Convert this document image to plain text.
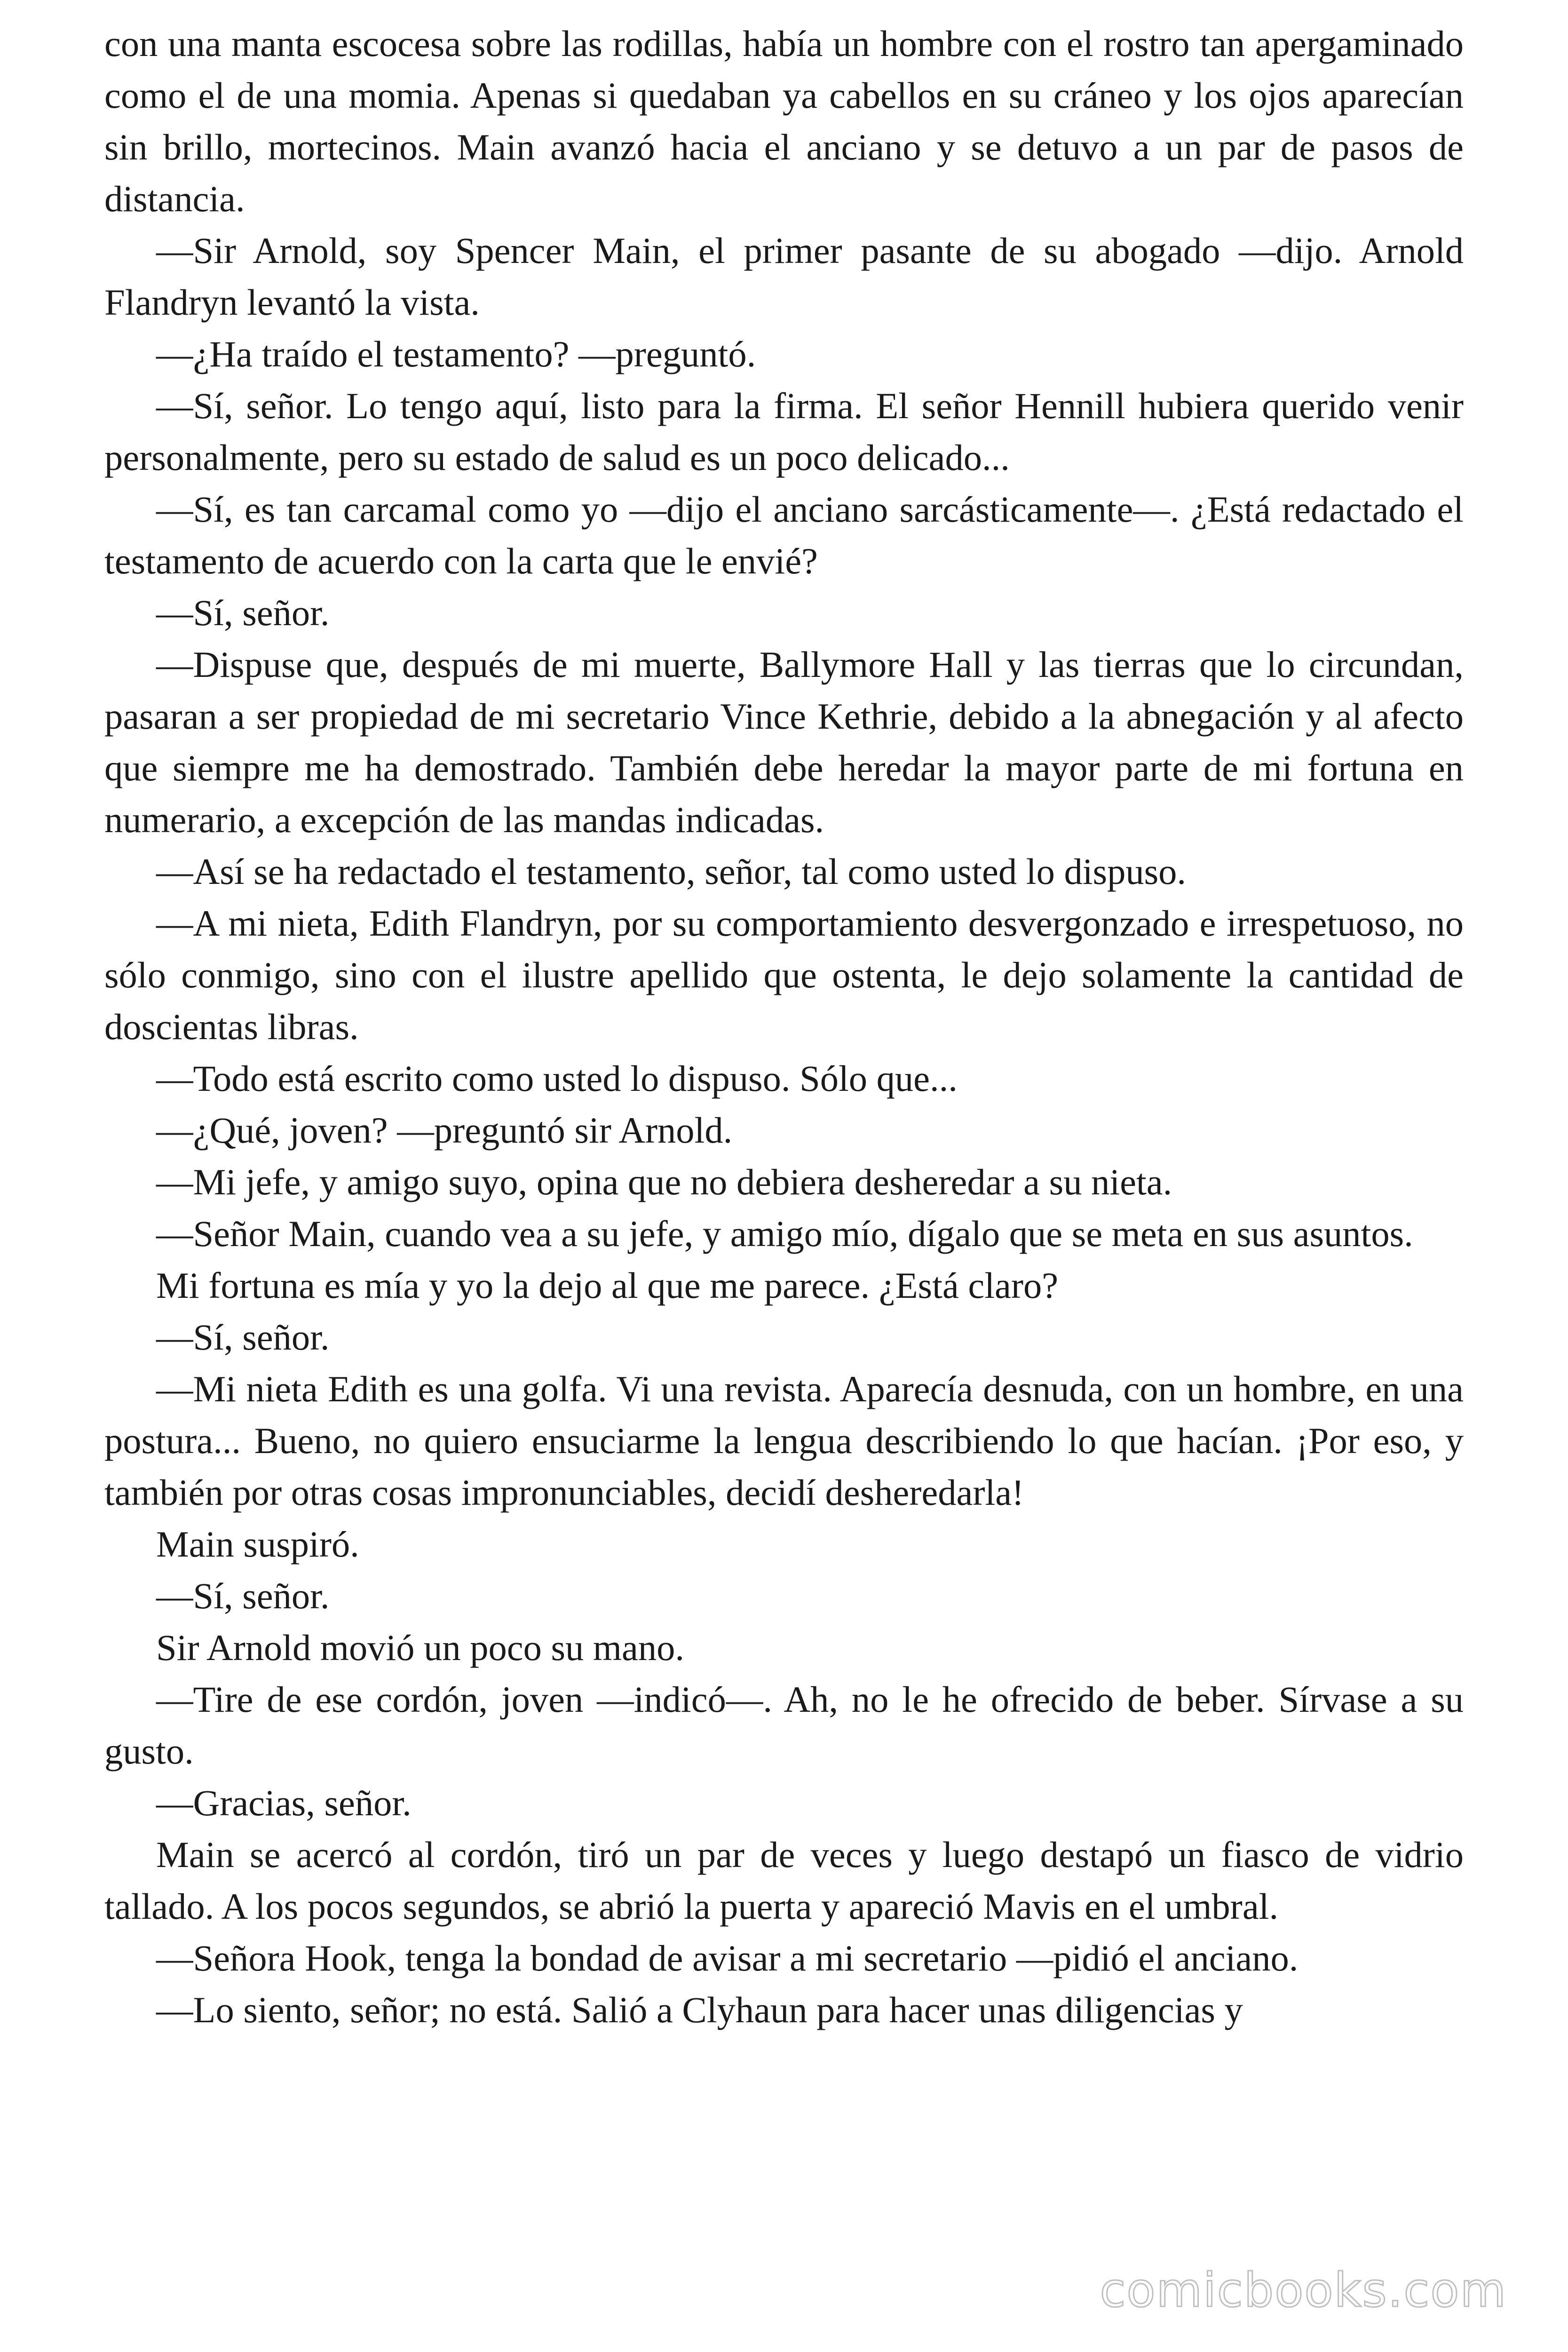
con una manta escocesa sobre las rodillas, había un hombre con el rostro tan apergaminado como el de una momia. Apenas si quedaban ya cabellos en su cráneo y los ojos aparecían sin brillo, mortecinos. Main avanzó hacia el anciano y se detuvo a un par de pasos de distancia.

—Sir Arnold, soy Spencer Main, el primer pasante de su abogado —dijo. Arnold Flandryn levantó la vista.

—¿Ha traído el testamento? —preguntó.

—Sí, señor. Lo tengo aquí, listo para la firma. El señor Hennill hubiera querido venir personalmente, pero su estado de salud es un poco delicado...

—Sí, es tan carcamal como yo —dijo el anciano sarcásticamente—. ¿Está redactado el testamento de acuerdo con la carta que le envié?

—Sí, señor.

—Dispuse que, después de mi muerte, Ballymore Hall y las tierras que lo circundan, pasaran a ser propiedad de mi secretario Vince Kethrie, debido a la abnegación y al afecto que siempre me ha demostrado. También debe heredar la mayor parte de mi fortuna en numerario, a excepción de las mandas indicadas.

—Así se ha redactado el testamento, señor, tal como usted lo dispuso.

—A mi nieta, Edith Flandryn, por su comportamiento desvergonzado e irrespetuoso, no sólo conmigo, sino con el ilustre apellido que ostenta, le dejo solamente la cantidad de doscientas libras.

—Todo está escrito como usted lo dispuso. Sólo que...

—¿Qué, joven? —preguntó sir Arnold.

—Mi jefe, y amigo suyo, opina que no debiera desheredar a su nieta.

—Señor Main, cuando vea a su jefe, y amigo mío, dígalo que se meta en sus asuntos.

Mi fortuna es mía y yo la dejo al que me parece. ¿Está claro?

—Sí, señor.

—Mi nieta Edith es una golfa. Vi una revista. Aparecía desnuda, con un hombre, en una postura... Bueno, no quiero ensuciarme la lengua describiendo lo que hacían. ¡Por eso, y también por otras cosas impronunciables, decidí desheredarla!

Main suspiró.

—Sí, señor.

Sir Arnold movió un poco su mano.

—Tire de ese cordón, joven —indicó—. Ah, no le he ofrecido de beber. Sírvase a su gusto.

—Gracias, señor.

Main se acercó al cordón, tiró un par de veces y luego destapó un fiasco de vidrio tallado. A los pocos segundos, se abrió la puerta y apareció Mavis en el umbral.

—Señora Hook, tenga la bondad de avisar a mi secretario —pidió el anciano.

—Lo siento, señor; no está. Salió a Clyhaun para hacer unas diligencias y

comicbooks.com
